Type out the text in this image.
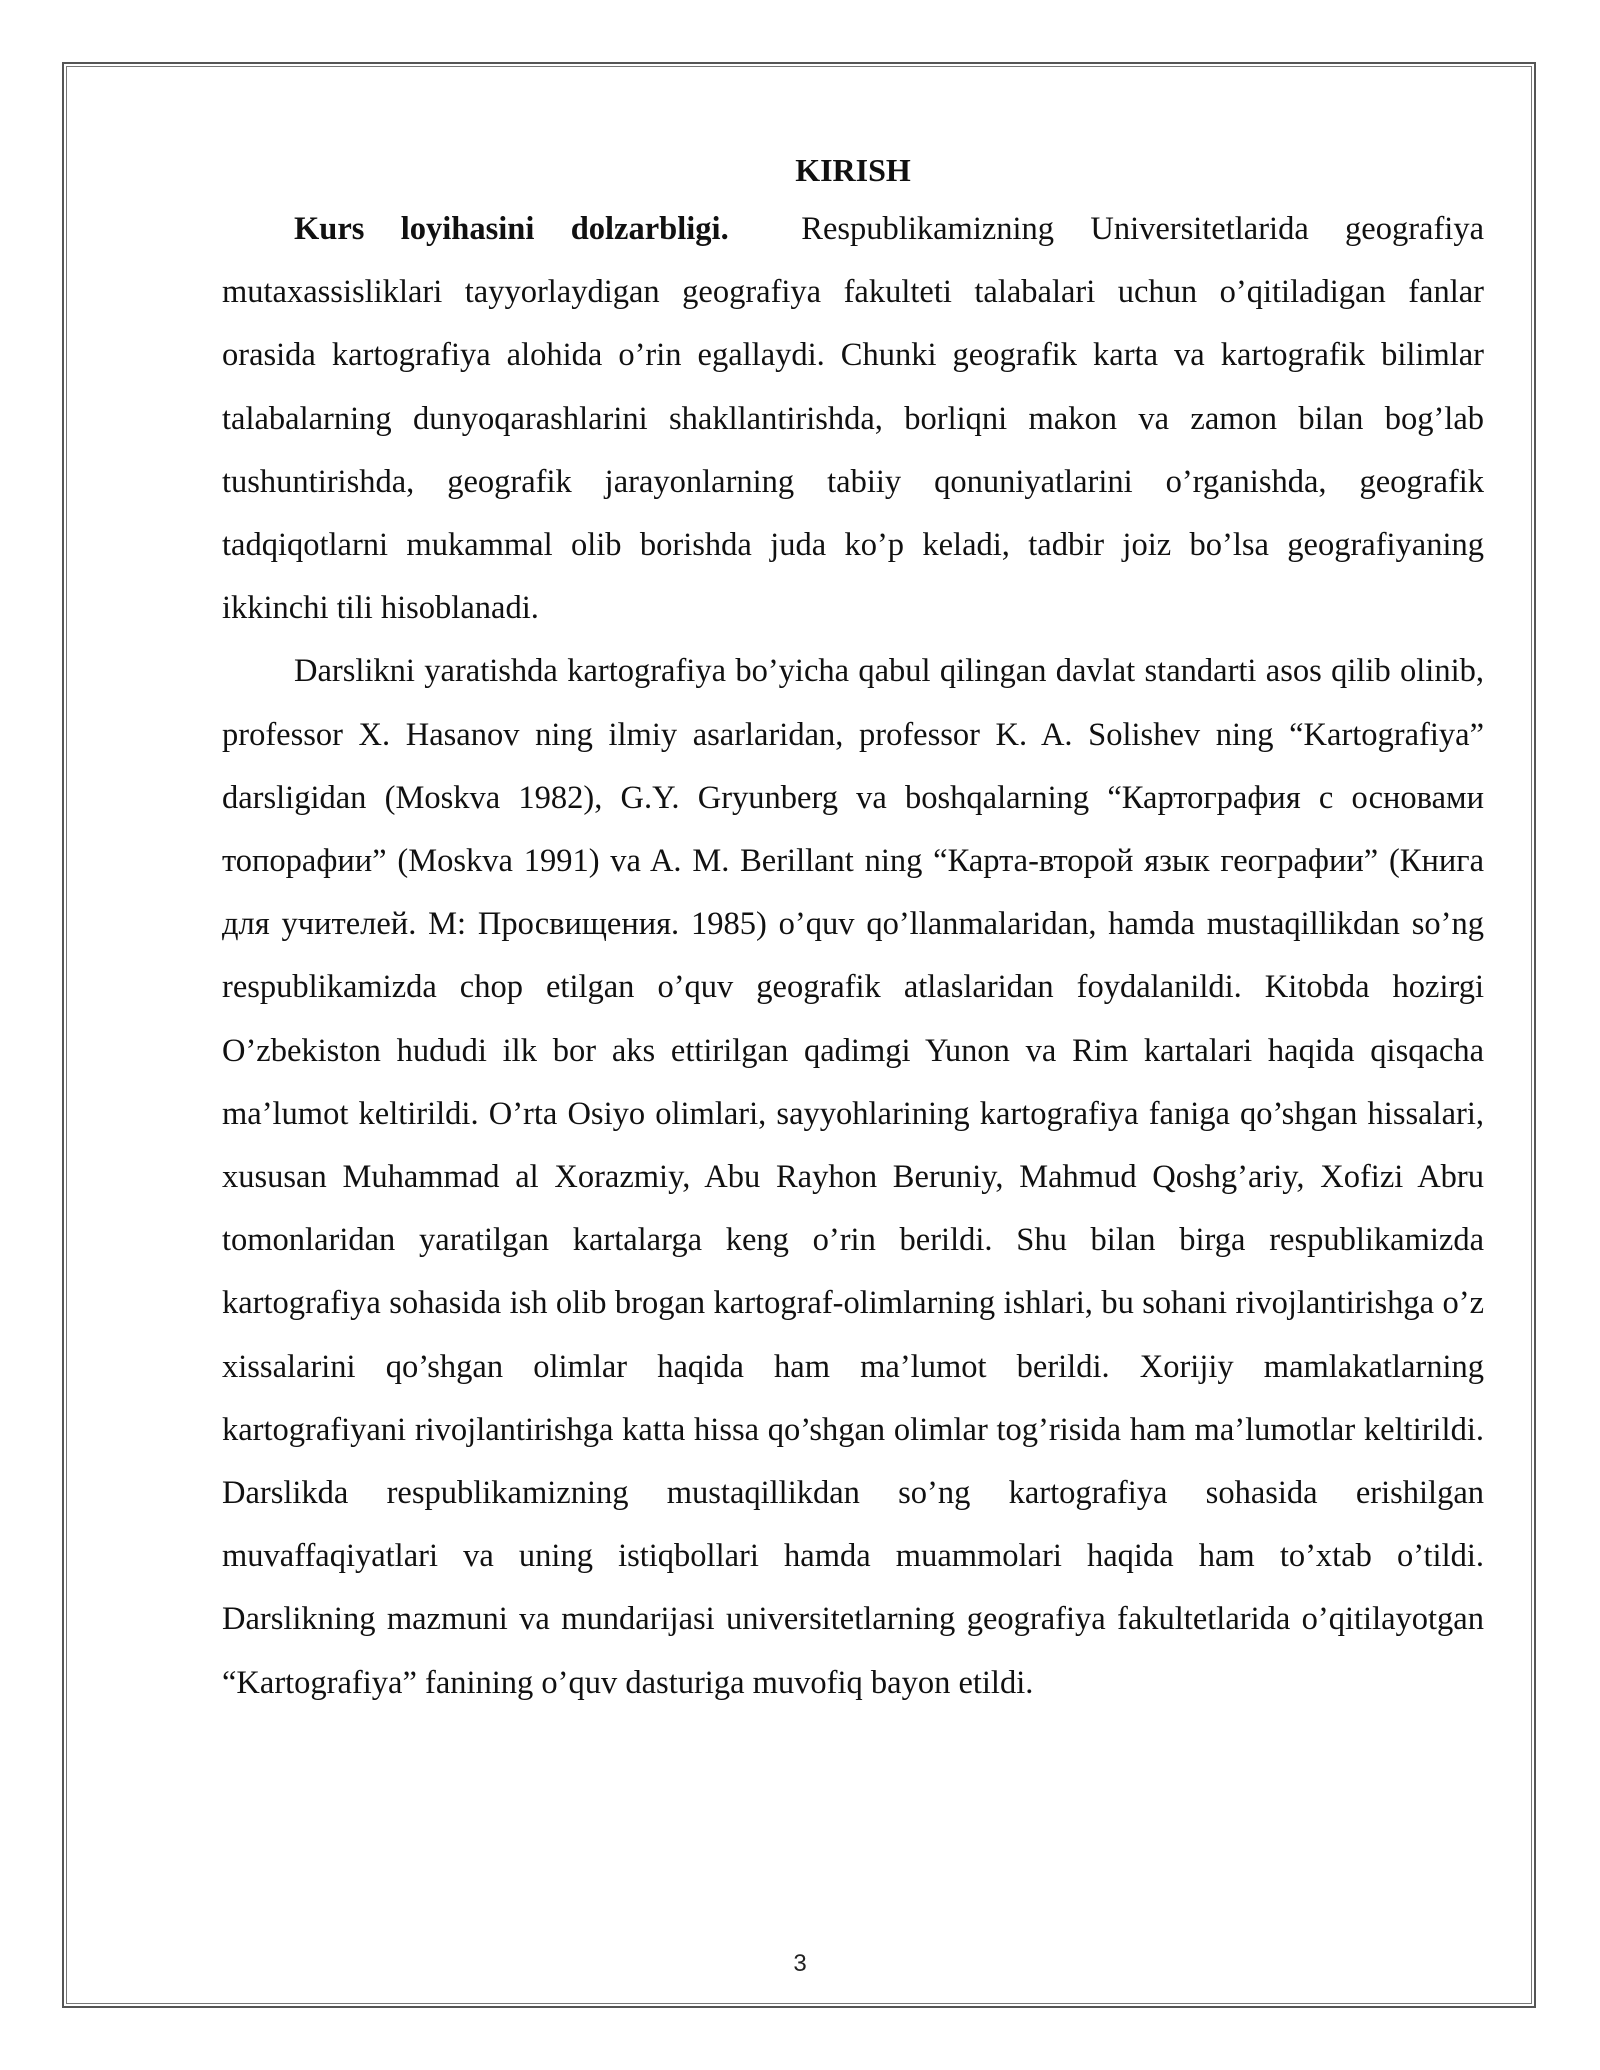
KIRISH

Kurs loyihasini dolzarbligi.  Respublikamizning Universitetlarida geografiya mutaxassisliklari tayyorlaydigan geografiya fakulteti talabalari uchun o’qitiladigan fanlar orasida kartografiya alohida o’rin egallaydi. Chunki geografik karta va kartografik bilimlar talabalarning dunyoqarashlarini shakllantirishda, borliqni makon va zamon bilan bog’lab tushuntirishda, geografik jarayonlarning tabiiy qonuniyatlarini o’rganishda, geografik tadqiqotlarni mukammal olib borishda juda ko’p keladi, tadbir joiz bo’lsa geografiyaning ikkinchi tili hisoblanadi.

Darslikni yaratishda kartografiya bo’yicha qabul qilingan davlat standarti asos qilib olinib, professor X. Hasanov ning ilmiy asarlaridan, professor K. A. Solishev ning “Kartografiya” darsligidan (Moskva 1982), G.Y. Gryunberg va boshqalarning “Картография с основами топорафии” (Moskva 1991) va A. M. Berillant ning “Карта-второй язык географии” (Книга для учителей. М: Просвищения. 1985) o’quv qo’llanmalaridan, hamda mustaqillikdan so’ng respublikamizda chop etilgan o’quv geografik atlaslaridan foydalanildi. Kitobda hozirgi O’zbekiston hududi ilk bor aks ettirilgan qadimgi Yunon va Rim kartalari haqida qisqacha ma’lumot keltirildi. O’rta Osiyo olimlari, sayyohlarining kartografiya faniga qo’shgan hissalari, xususan Muhammad al Xorazmiy, Abu Rayhon Beruniy, Mahmud Qoshg’ariy, Xofizi Abru tomonlaridan yaratilgan kartalarga keng o’rin berildi. Shu bilan birga respublikamizda kartografiya sohasida ish olib brogan kartograf-olimlarning ishlari, bu sohani rivojlantirishga o’z xissalarini qo’shgan olimlar haqida ham ma’lumot berildi. Xorijiy mamlakatlarning kartografiyani rivojlantirishga katta hissa qo’shgan olimlar tog’risida ham ma’lumotlar keltirildi. Darslikda respublikamizning mustaqillikdan so’ng kartografiya sohasida erishilgan muvaffaqiyatlari va uning istiqbollari hamda muammolari haqida ham to’xtab o’tildi. Darslikning mazmuni va mundarijasi universitetlarning geografiya fakultetlarida o’qitilayotgan “Kartografiya” fanining o’quv dasturiga muvofiq bayon etildi.

3
